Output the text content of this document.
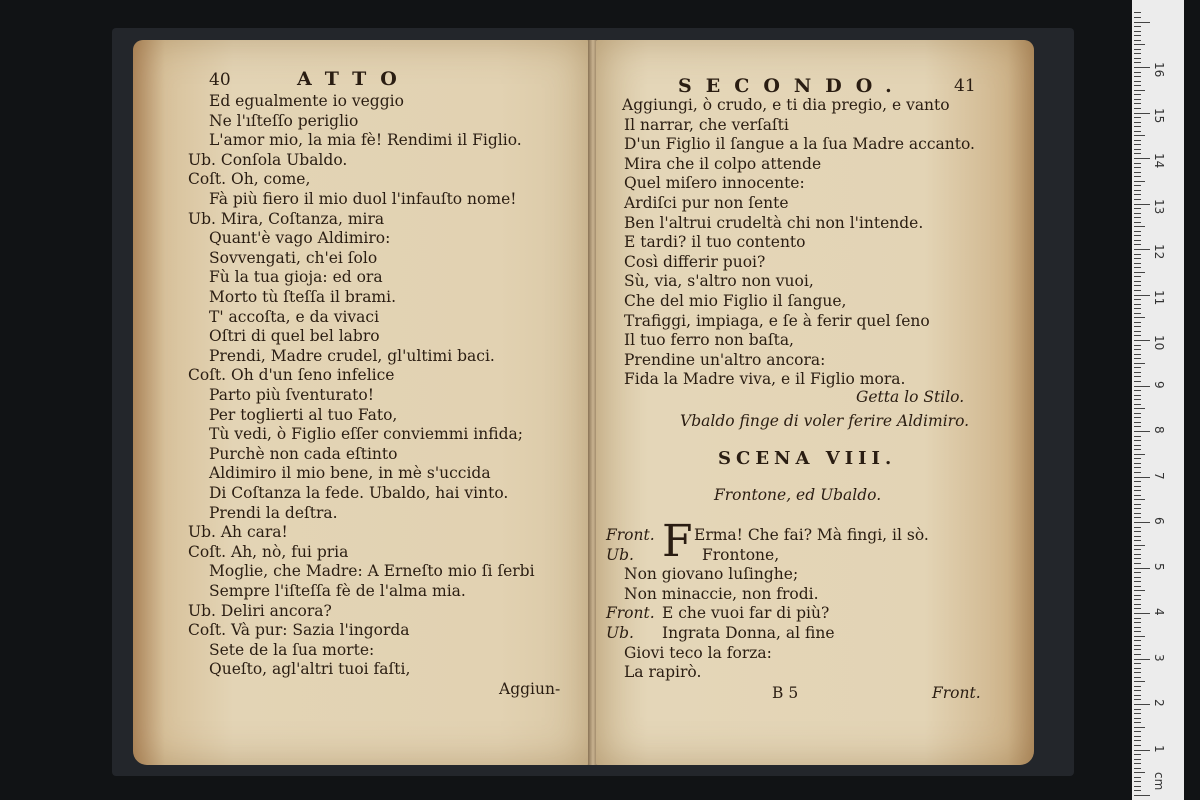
40	ATTO
Ed egualmente io veggio
Ne l'ıſteſſo periglio
L'amor mio, la mia fè! Rendimi il Figlio.
Ub. Conſola Ubaldo.
Coſt. Oh, come,
Fà più fiero il mio duol l'infauſto nome!
Ub. Mira, Coſtanza, mira
Quant'è vago Aldimiro:
Sovvengati, ch'ei ſolo
Fù la tua gioja: ed ora
Morto tù ſteſſa il brami.
T' accoſta, e da vivaci
Oſtri di quel bel labro
Prendi, Madre crudel, gl'ultimi baci.
Coſt. Oh d'un ſeno infelice
Parto più ſventurato!
Per toglierti al tuo Fato,
Tù vedi, ò Figlio eſſer conviemmi infida;
Purchè non cada eſtinto
Aldimiro il mio bene, in mè s'uccida
Di Coſtanza la fede. Ubaldo, hai vinto.
Prendi la deſtra.
Ub. Ah cara!
Coſt. Ah, nò, fui pria
Moglie, che Madre: A Erneſto mio ſi ſerbi
Sempre l'iſteſſa fè de l'alma mia.
Ub. Deliri ancora?
Coſt. Và pur: Sazia l'ingorda
Sete de la ſua morte:
Queſto, agl'altri tuoi faſti,
Aggiun-
SECONDO.	41
Aggiungi, ò crudo, e ti dia pregio, e vanto
Il narrar, che verſaſti
D'un Figlio il ſangue a la ſua Madre accanto.
Mira che il colpo attende
Quel miſero innocente:
Ardiſci pur non ſente
Ben l'altrui crudeltà chi non l'intende.
E tardi? il tuo contento
Così differir puoi?
Sù, via, s'altro non vuoi,
Che del mio Figlio il ſangue,
Trafiggi, impiaga, e ſe à ferir quel ſeno
Il tuo ferro non baſta,
Prendine un'altro ancora:
Fida la Madre viva, e il Figlio mora.
Getta lo Stilo.
Vbaldo finge di voler ferire Aldimiro.
SCENA VIII.
Frontone, ed Ubaldo.
F
Front.	Erma! Che fai? Mà fingi, il sò.
Ub.	Frontone,
Non giovano luſinghe;
Non minaccie, non frodi.
Front. E che vuoi far di più?
Ub. Ingrata Donna, al fine
Giovi teco la forza:
La rapirò.
B 5	Front.
1
2
3
4
5
6
7
8
9
10
11
12
13
14
15
16
cm
